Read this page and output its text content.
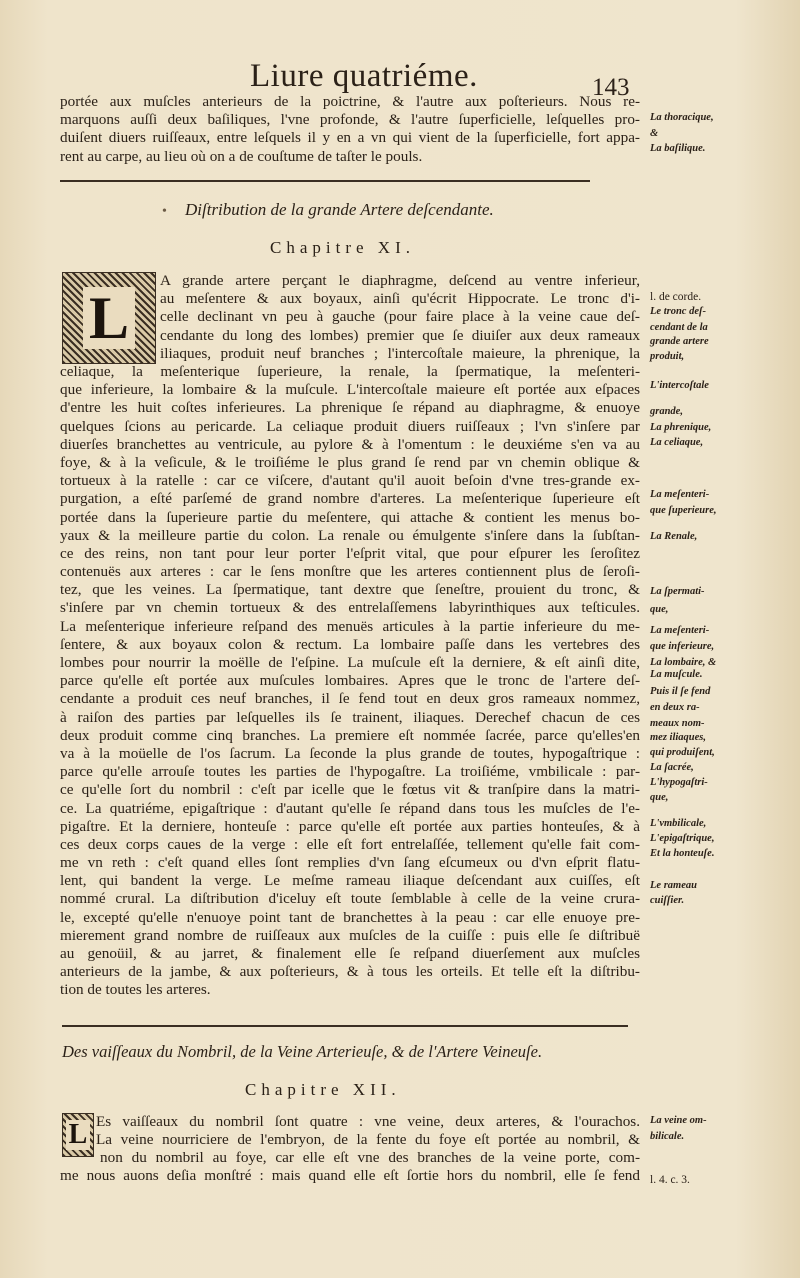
Liure quatriéme.	143
portée aux muſcles anterieurs de la poictrine, & l'autre aux poſterieurs. Nous re-
marquons auſſi deux baſiliques, l'vne profonde, & l'autre ſuperficielle, leſquelles pro-
duiſent diuers ruiſſeaux, entre leſquels il y en a vn qui vient de la ſuperficielle, fort appa-
rent au carpe, au lieu où on a de couſtume de taſter le pouls.
• Diſtribution de la grande Artere deſcendante.
Chapitre XI.
L
A grande artere perçant le diaphragme, deſcend au ventre inferieur,
au meſentere & aux boyaux, ainſi qu'écrit Hippocrate. Le tronc d'i-
celle declinant vn peu à gauche (pour faire place à la veine caue deſ-
cendante du long des lombes) premier que ſe diuiſer aux deux rameaux
iliaques, produit neuf branches ; l'intercoſtale maieure, la phrenique, la
celiaque, la meſenterique ſuperieure, la renale, la ſpermatique, la meſenteri-
que inferieure, la lombaire & la muſcule. L'intercoſtale maieure eſt portée aux eſpaces
d'entre les huit coſtes inferieures. La phrenique ſe répand au diaphragme, & enuoye
quelques ſcions au pericarde. La celiaque produit diuers ruiſſeaux ; l'vn s'inſere par
diuerſes branchettes au ventricule, au pylore & à l'omentum : le deuxiéme s'en va au
foye, & à la veſicule, & le troiſiéme le plus grand ſe rend par vn chemin oblique &
tortueux à la ratelle : car ce viſcere, d'autant qu'il auoit beſoin d'vne tres-grande ex-
purgation, a eſté parſemé de grand nombre d'arteres. La meſenterique ſuperieure eſt
portée dans la ſuperieure partie du meſentere, qui attache & contient les menus bo-
yaux & la meilleure partie du colon. La renale ou émulgente s'inſere dans la ſubſtan-
ce des reins, non tant pour leur porter l'eſprit vital, que pour eſpurer les ſeroſitez
contenuës aux arteres : car le ſens monſtre que les arteres contiennent plus de ſeroſi-
tez, que les veines. La ſpermatique, tant dextre que ſeneſtre, prouient du tronc, &
s'inſere par vn chemin tortueux & des entrelaſſemens labyrinthiques aux teſticules.
La meſenterique inferieure reſpand des menuës articules à la partie inferieure du me-
ſentere, & aux boyaux colon & rectum. La lombaire paſſe dans les vertebres des
lombes pour nourrir la moëlle de l'eſpine. La muſcule eſt la derniere, & eſt ainſi dite,
parce qu'elle eſt portée aux muſcules lombaires. Apres que le tronc de l'artere deſ-
cendante a produit ces neuf branches, il ſe fend tout en deux gros rameaux nommez,
à raiſon des parties par leſquelles ils ſe trainent, iliaques. Derechef chacun de ces
deux produit comme cinq branches. La premiere eſt nommée ſacrée, parce qu'elles'en
va à la moüelle de l'os ſacrum. La ſeconde la plus grande de toutes, hypogaſtrique :
parce qu'elle arrouſe toutes les parties de l'hypogaſtre. La troiſiéme, vmbilicale : par-
ce qu'elle ſort du nombril : c'eſt par icelle que le fœtus vit & tranſpire dans la matri-
ce. La quatriéme, epigaſtrique : d'autant qu'elle ſe répand dans tous les muſcles de l'e-
pigaſtre. Et la derniere, honteuſe : parce qu'elle eſt portée aux parties honteuſes, & à
ces deux corps caues de la verge : elle eſt fort entrelaſſée, tellement qu'elle fait com-
me vn reth : c'eſt quand elles ſont remplies d'vn ſang eſcumeux ou d'vn eſprit flatu-
lent, qui bandent la verge. Le meſme rameau iliaque deſcendant aux cuiſſes, eſt
nommé crural. La diſtribution d'iceluy eſt toute ſemblable à celle de la veine crura-
le, excepté qu'elle n'enuoye point tant de branchettes à la peau : car elle enuoye pre-
mierement grand nombre de ruiſſeaux aux muſcles de la cuiſſe : puis elle ſe diſtribuë
au genoüil, & au jarret, & finalement elle ſe reſpand diuerſement aux muſcles
anterieurs de la jambe, & aux poſterieurs, & à tous les orteils. Et telle eſt la diſtribu-
tion de toutes les arteres.
Des vaiſſeaux du Nombril, de la Veine Arterieuſe, & de l'Artere Veineuſe.
Chapitre XII.
L Es vaiſſeaux du nombril ſont quatre : vne veine, deux arteres, & l'ourachos.
La veine nourriciere de l'embryon, de la fente du foye eſt portée au nombril, &
non du nombril au foye, car elle eſt vne des branches de la veine porte, com-
me nous auons deſia monſtré : mais quand elle eſt ſortie hors du nombril, elle ſe fend
La thoracique,
&
La baſilique.
l. de corde.
Le tronc deſ-
cendant de la
grande artere
produit,
L'intercoſtale
grande,
La phrenique,
La celiaque,
La meſenteri-
que ſuperieure,
La Renale,
La ſpermati-
que,
La meſenteri-
que inferieure,
La lombaire, &
La muſcule.
Puis il ſe fend
en deux ra-
meaux nom-
mez iliaques,
qui produiſent,
La ſacrée,
L'hypogaſtri-
que,
L'vmbilicale,
L'epigaſtrique,
Et la honteuſe.
Le rameau
cuiſſier.
La veine om-
bilicale.
l. 4. c. 3.
